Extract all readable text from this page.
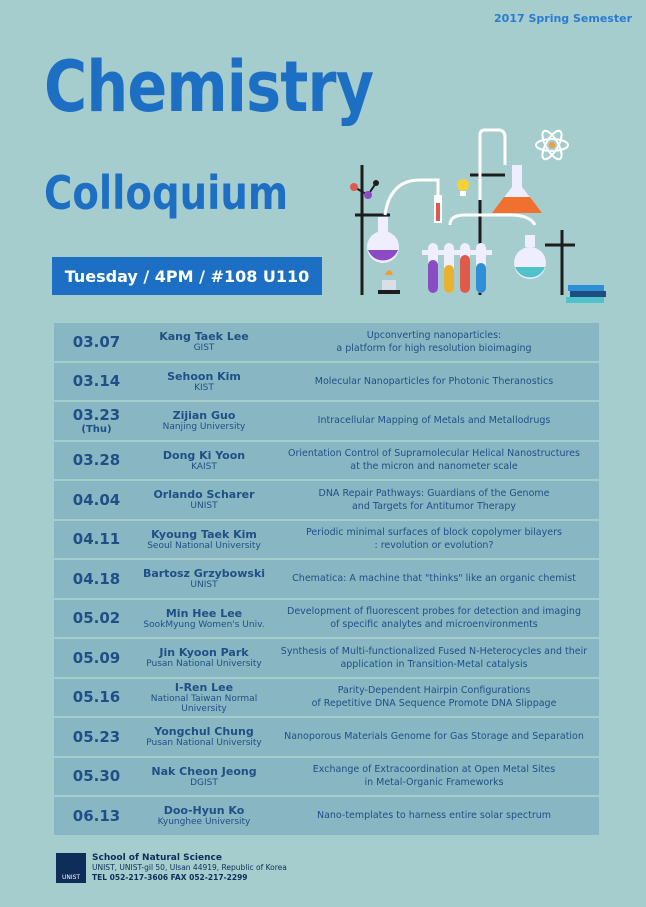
2017 Spring Semester
Chemistry
Colloquium
Tuesday / 4PM / #108 U110
03.07	Kang Taek Lee
GIST
Upconverting nanoparticles:
a platform for high resolution bioimaging
03.14	Sehoon Kim
KIST
Molecular Nanoparticles for Photonic Theranostics
03.23
(Thu)
Zijian Guo
Nanjing University
Intracellular Mapping of Metals and Metallodrugs
03.28	Dong Ki Yoon
KAIST
Orientation Control of Supramolecular Helical Nanostructures
at the micron and nanometer scale
04.04	Orlando Scharer
UNIST
DNA Repair Pathways: Guardians of the Genome
and Targets for Antitumor Therapy
04.11	Kyoung Taek Kim
Seoul National University
Periodic minimal surfaces of block copolymer bilayers
: revolution or evolution?
04.18	Bartosz Grzybowski
UNIST
Chematica: A machine that "thinks" like an organic chemist
05.02	Min Hee Lee
SookMyung Women's Univ.
Development of fluorescent probes for detection and imaging
of specific analytes and microenvironments
05.09	Jin Kyoon Park
Pusan National University
Synthesis of Multi-functionalized Fused N-Heterocycles and their
application in Transition-Metal catalysis
05.16
I-Ren Lee
National Taiwan Normal University
Parity-Dependent Hairpin Configurations
of Repetitive DNA Sequence Promote DNA Slippage
05.23	Yongchul Chung
Pusan National University
Nanoporous Materials Genome for Gas Storage and Separation
05.30	Nak Cheon Jeong
DGIST
Exchange of Extracoordination at Open Metal Sites
in Metal-Organic Frameworks
06.13	Doo-Hyun Ko
Kyunghee University
Nano-templates to harness entire solar spectrum
UNIST
School of Natural Science
UNIST, UNIST-gil 50, Ulsan 44919, Republic of Korea
TEL 052-217-3606 FAX 052-217-2299
